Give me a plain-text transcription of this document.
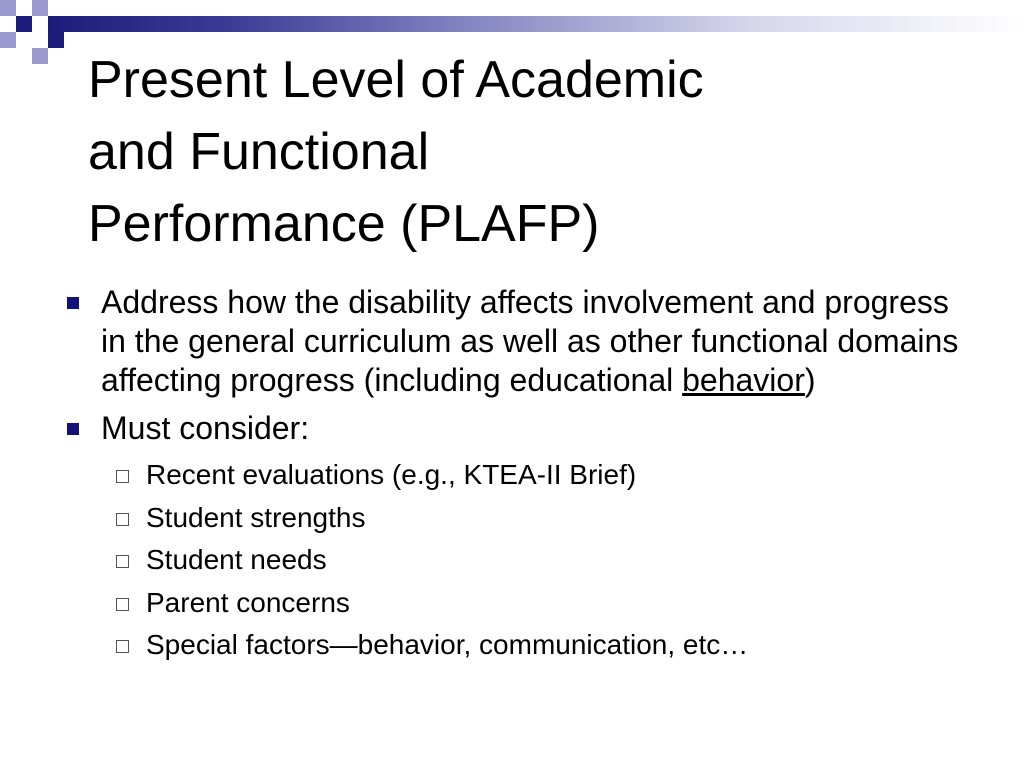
Present Level of Academic
and Functional
Performance (PLAFP)
Address how the disability affects involvement and progress in the general curriculum as well as other functional domains affecting progress (including educational behavior)
Must consider:
Recent evaluations (e.g., KTEA-II Brief)
Student strengths
Student needs
Parent concerns
Special factors—behavior, communication, etc…
